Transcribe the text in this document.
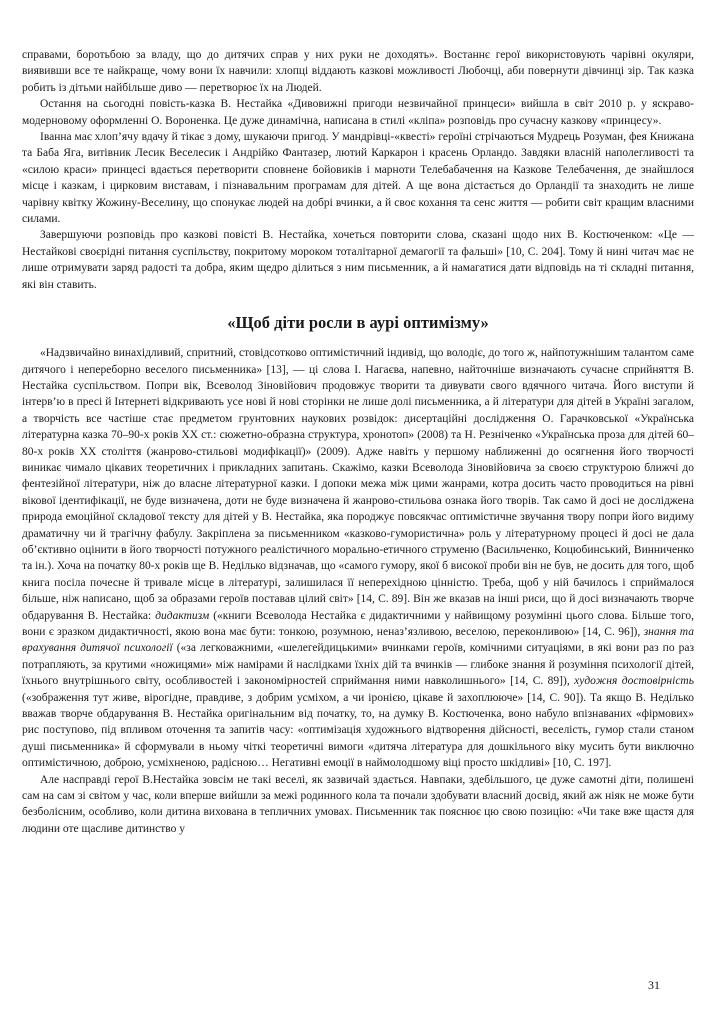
справами, боротьбою за владу, що до дитячих справ у них руки не доходять». Востаннє герої використовують чарівні окуляри, виявивши все те найкраще, чому вони їх навчили: хлопці віддають казкові можливості Любочці, аби повернути дівчинці зір. Так казка робить із дітьми найбільше диво — перетворює їх на Людей.

Остання на сьогодні повість-казка В. Нестайка «Дивовижні пригоди незвичайної принцеси» вийшла в світ 2010 р. у яскраво-модерновому оформленні О. Вороненка. Це дуже динамічна, написана в стилі «кліпа» розповідь про сучасну казкову «принцесу».

Іванна має хлоп’ячу вдачу й тікає з дому, шукаючи пригод. У мандрівці-«квесті» героїні стрічаються Мудрець Розуман, фея Книжана та Баба Яга, витівник Лесик Веселесик і Андрійко Фантазер, лютий Каркарон і красень Орландо. Завдяки власній наполегливості та «силою краси» принцесі вдається перетворити сповнене бойовиків і марноти Телебабачення на Казкове Телебачення, де знайшлося місце і казкам, і цирковим виставам, і пізнавальним програмам для дітей. А ще вона дістається до Орландії та знаходить не лише чарівну квітку Жожину-Веселину, що спонукає людей на добрі вчинки, а й своє кохання та сенс життя — робити світ кращим власними силами.

Завершуючи розповідь про казкові повісті В. Нестайка, хочеться повторити слова, сказані щодо них В. Костюченком: «Це — Нестайкові своєрідні питання суспільству, покритому мороком тоталітарної демагогії та фальші» [10, С. 204]. Тому й нині читач має не лише отримувати заряд радості та добра, яким щедро ділиться з ним письменник, а й намагатися дати відповідь на ті складні питання, які він ставить.

«Щоб діти росли в аурі оптимізму»

«Надзвичайно винахідливий, спритний, стовідсотково оптимістичний індивід, що володіє, до того ж, найпотужнішим талантом саме дитячого і непереборно веселого письменника» [13], — ці слова І. Нагаєва, напевно, найточніше визначають сучасне сприйняття В. Нестайка суспільством. Попри вік, Всеволод Зіновійович продовжує творити та дивувати свого вдячного читача. Його виступи й інтерв’ю в пресі й Інтернеті відкривають усе нові й нові сторінки не лише долі письменника, а й літератури для дітей в Україні загалом, а творчість все частіше стає предметом грунтовних наукових розвідок: дисертаційні дослідження О. Гарачковської «Українська літературна казка 70–90-х років ХХ ст.: сюжетно-образна структура, хронотоп» (2008) та Н. Резніченко «Українська проза для дітей 60–80-х років ХХ століття (жанрово-стильові модифікації)» (2009). Адже навіть у першому наближенні до осягнення його творчості виникає чимало цікавих теоретичних і прикладних запитань. Скажімо, казки Всеволода Зіновійовича за своєю структурою ближчі до фентезійної літератури, ніж до власне літературної казки. І допоки межа між цими жанрами, котра досить часто проводиться на рівні вікової ідентифікації, не буде визначена, доти не буде визначена й жанрово-стильова ознака його творів. Так само й досі не досліджена природа емоційної складової тексту для дітей у В. Нестайка, яка породжує повсякчас оптимістичне звучання твору попри його видиму драматичну чи й трагічну фабулу. Закріплена за письменником «казково-гумористична» роль у літературному процесі й досі не дала об’єктивно оцінити в його творчості потужного реалістичного морально-етичного струменю (Васильченко, Коцюбинський, Винниченко та ін.). Хоча на початку 80-х років ще В. Неділько відзначав, що «самого гумору, якої б високої проби він не був, не досить для того, щоб книга посіла почесне й тривале місце в літературі, залишилася її неперехідною цінністю. Треба, щоб у ній бачилось і сприймалося більше, ніж написано, щоб за образами героїв поставав цілий світ» [14, С. 89]. Він же вказав на інші риси, що й досі визначають творче обдарування В. Нестайка: дидактизм («книги Всеволода Нестайка є дидактичними у найвищому розумінні цього слова. Більше того, вони є зразком дидактичності, якою вона має бути: тонкою, розумною, неназ’язливою, веселою, переконливою» [14, С. 96]), знання та врахування дитячої психології («за легковажними, «шелегейдицькими» вчинками героїв, комічними ситуаціями, в які вони раз по раз потрапляють, за крутими «ножицями» між намірами й наслідками їхніх дій та вчинків — глибоке знання й розуміння психології дітей, їхнього внутрішнього світу, особливостей і закономірностей сприймання ними навколишнього» [14, С. 89]), художня достовірність («зображення тут живе, вірогідне, правдиве, з добрим усміхом, а чи іронією, цікаве й захоплююче» [14, С. 90]). Та якщо В. Неділько вважав творче обдарування В. Нестайка оригінальним від початку, то, на думку В. Костюченка, воно набуло впізнаваних «фірмових» рис поступово, під впливом оточення та запитів часу: «оптимізація художнього відтворення дійсності, веселість, гумор стали станом душі письменника» й сформували в ньому чіткі теоретичні вимоги «дитяча література для дошкільного віку мусить бути виключно оптимістичною, доброю, усміхненою, радісною… Негативні емоції в наймолодшому віці просто шкідливі» [10, С. 197].

Але насправді герої В.Нестайка зовсім не такі веселі, як зазвичай здається. Навпаки, здебільшого, це дуже самотні діти, полишені сам на сам зі світом у час, коли вперше вийшли за межі родинного кола та почали здобувати власний досвід, який аж ніяк не може бути безболісним, особливо, коли дитина вихована в тепличних умовах. Письменник так пояснює цю свою позицію: «Чи таке вже щастя для людини оте щасливе дитинство у

31
